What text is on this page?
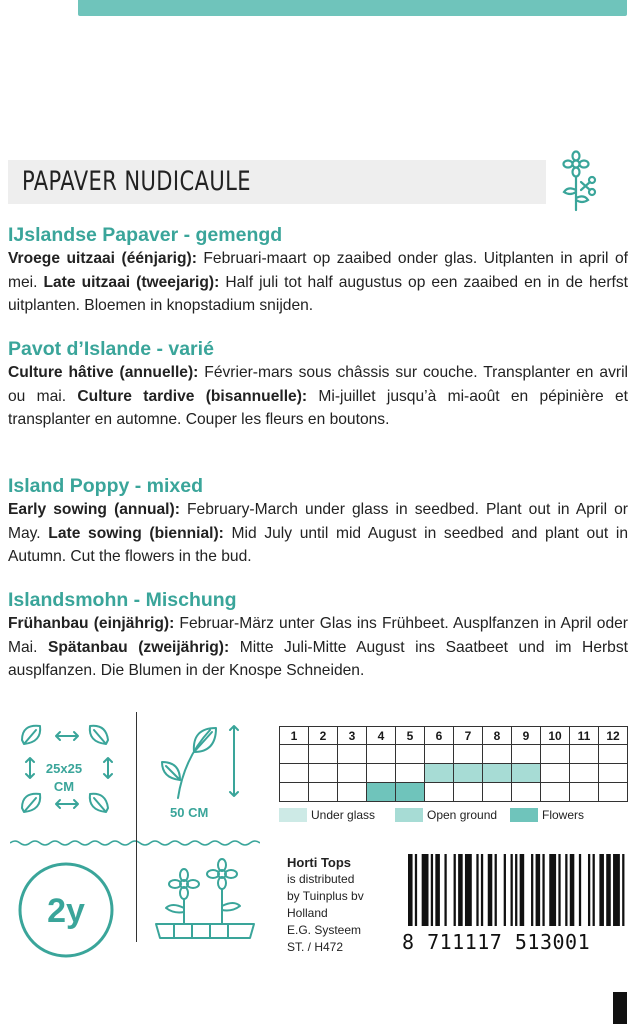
PAPAVER NUDICAULE
IJslandse Papaver - gemengd

Vroege uitzaai (éénjarig): Februari-maart op zaaibed onder glas. Uitplanten in april of mei. Late uitzaai (tweejarig): Half juli tot half augustus op een zaaibed en in de herfst uitplanten. Bloemen in knopstadium snijden.

Pavot d’Islande - varié

Culture hâtive (annuelle): Février-mars sous châssis sur couche. Transplanter en avril ou mai. Culture tardive (bisannuelle): Mi-juillet jusqu’à mi-août en pépinière et transplanter en automne. Couper les fleurs en boutons.

Island Poppy - mixed

Early sowing (annual): February-March under glass in seedbed. Plant out in April or May. Late sowing (biennial): Mid July until mid August in seedbed and plant out in Autumn. Cut the flowers in the bud.

Islandsmohn - Mischung

Frühanbau (einjährig): Februar-März unter Glas ins Frühbeet. Ausplfanzen in April oder Mai. Spätanbau (zweijährig): Mitte Juli-Mitte August ins Saatbeet und im Herbst ausplfanzen. Die Blumen in der Knospe Schneiden.

25x25
CM
50 CM
1	2	3	4	5	6	7	8	9	10	11	12

Under glass	Open ground	Flowers
2y
Horti Tops
is distributed
by Tuinplus bv
Holland
E.G. Systeem
ST. / H472	8 711117 513001
